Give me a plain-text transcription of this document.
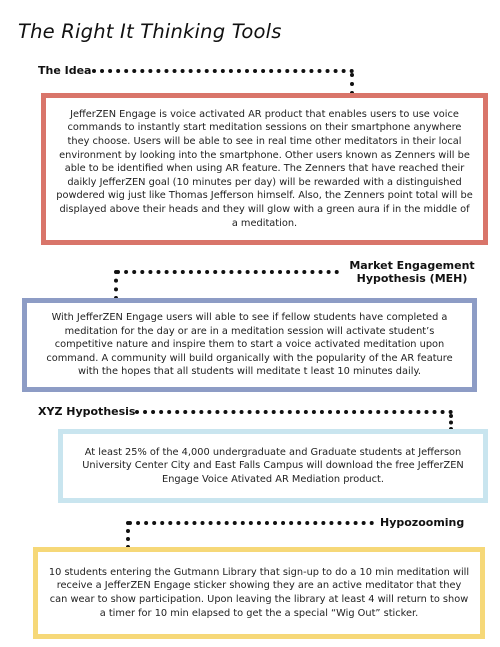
The Right It Thinking Tools
The Idea
JefferZEN Engage is voice activated AR product that enables users to use voice commands to instantly start meditation sessions on their smartphone anywhere they choose. Users will be able to see in real time other meditators in their local environment by looking into the smartphone. Other users known as Zenners will be able to be identified when using AR feature. The Zenners that have reached their daikly JefferZEN goal (10 minutes per day) will be rewarded with a distinguished powdered wig just like Thomas Jefferson himself. Also, the Zenners point total will be displayed above their heads and they will glow with a green aura if in the middle of a meditation.
Market Engagement
Hypothesis (MEH)
With JefferZEN Engage users will able to see if fellow students have completed a meditation for the day or are in a meditation session will activate student’s competitive nature and inspire them to start a voice activated meditation upon command. A community will build organically with the popularity of the AR feature with the hopes that all students will meditate t least 10 minutes daily.
XYZ Hypothesis
At least 25% of the 4,000 undergraduate and Graduate students at Jefferson University Center City and East Falls Campus will download the free JefferZEN Engage Voice Ativated AR Mediation product.
Hypozooming
10 students entering the Gutmann Library that sign-up to do a 10 min meditation will receive a JefferZEN Engage sticker showing they are an active meditator that they can wear to show participation. Upon leaving the library at least 4 will return to show a timer for 10 min elapsed to get the a special “Wig Out” sticker.
